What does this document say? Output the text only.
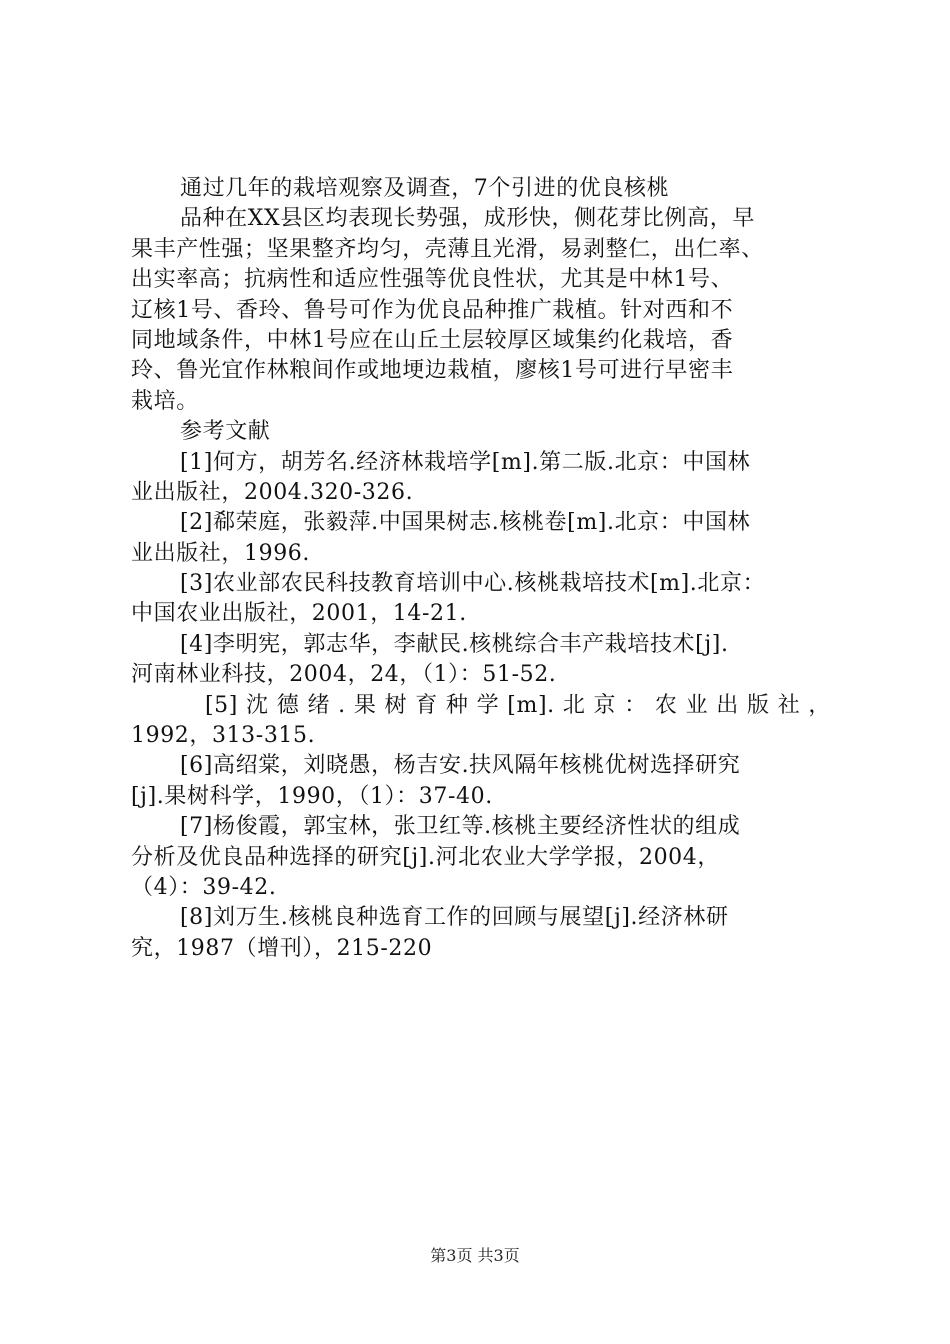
通过几年的栽培观察及调查，7个引进的优良核桃
品种在XX县区均表现长势强，成形快，侧花芽比例高，早
果丰产性强；坚果整齐均匀，壳薄且光滑，易剥整仁，出仁率、
出实率高；抗病性和适应性强等优良性状，尤其是中林1号、
辽核1号、香玲、鲁号可作为优良品种推广栽植。针对西和不
同地域条件，中林1号应在山丘土层较厚区域集约化栽培，香
玲、鲁光宜作林粮间作或地埂边栽植，廖核1号可进行早密丰
栽培。
参考文献
[1]何方，胡芳名.经济林栽培学[m].第二版.北京：中国林
业出版社，2004.320-326.
[2]郗荣庭，张毅萍.中国果树志.核桃卷[m].北京：中国林
业出版社，1996.
[3]农业部农民科技教育培训中心.核桃栽培技术[m].北京：
中国农业出版社，2001，14-21.
[4]李明宪，郭志华，李献民.核桃综合丰产栽培技术[j].
河南林业科技，2004，24，（1）：51-52.
[5]沈德绪.果树育种学[m].北京：农业出版社，
1992，313-315.
[6]高绍棠，刘晓愚，杨吉安.扶风隔年核桃优树选择研究
[j].果树科学，1990，（1）：37-40.
[7]杨俊霞，郭宝林，张卫红等.核桃主要经济性状的组成
分析及优良品种选择的研究[j].河北农业大学学报，2004，
（4）：39-42.
[8]刘万生.核桃良种选育工作的回顾与展望[j].经济林研
究，1987（增刊），215-220
第3页 共3页
